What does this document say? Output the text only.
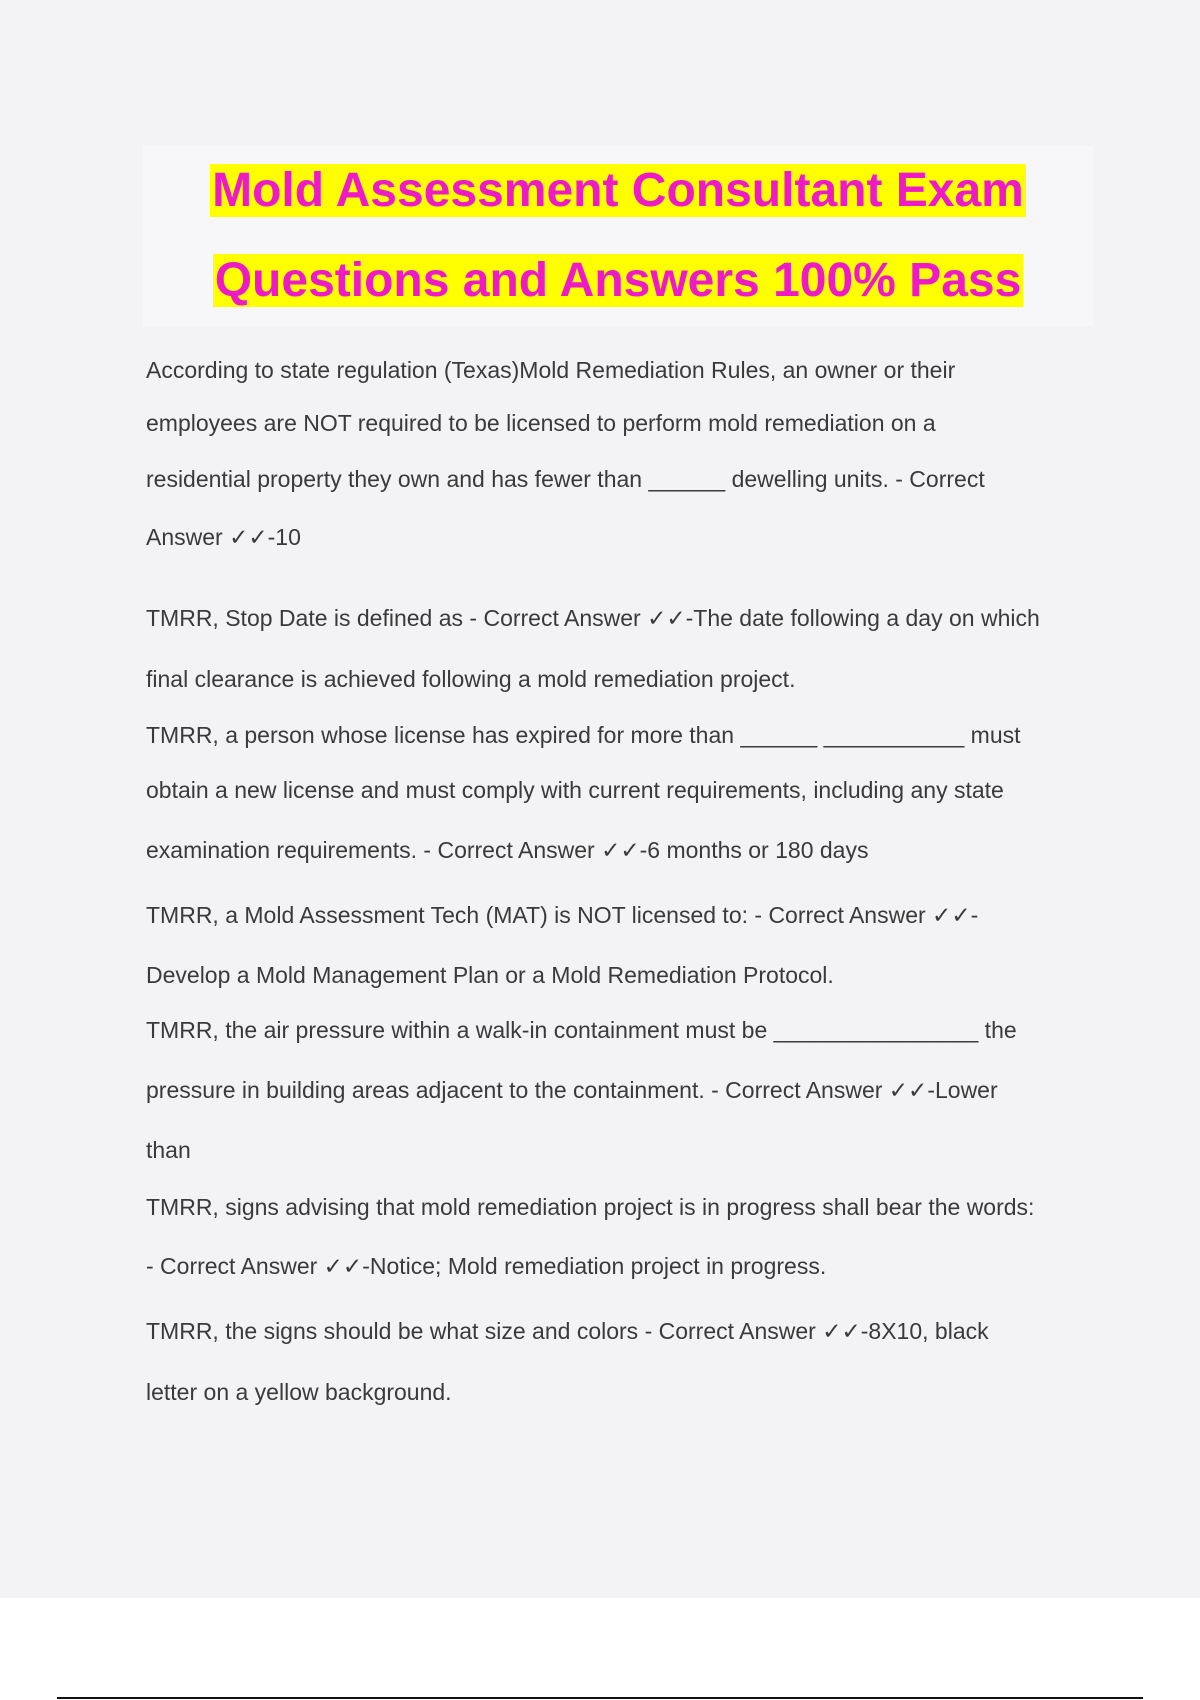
Mold Assessment Consultant Exam
Questions and Answers 100% Pass
According to state regulation (Texas)Mold Remediation Rules, an owner or their
employees are NOT required to be licensed to perform mold remediation on a
residential property they own and has fewer than ______ dewelling units. - Correct
Answer ✓✓-10
TMRR, Stop Date is defined as - Correct Answer ✓✓-The date following a day on which
final clearance is achieved following a mold remediation project.
TMRR, a person whose license has expired for more than ______ ___________ must
obtain a new license and must comply with current requirements, including any state
examination requirements. - Correct Answer ✓✓-6 months or 180 days
TMRR, a Mold Assessment Tech (MAT) is NOT licensed to: - Correct Answer ✓✓-
Develop a Mold Management Plan or a Mold Remediation Protocol.
TMRR, the air pressure within a walk-in containment must be ________________ the
pressure in building areas adjacent to the containment. - Correct Answer ✓✓-Lower
than
TMRR, signs advising that mold remediation project is in progress shall bear the words:
- Correct Answer ✓✓-Notice; Mold remediation project in progress.
TMRR, the signs should be what size and colors - Correct Answer ✓✓-8X10, black
letter on a yellow background.
